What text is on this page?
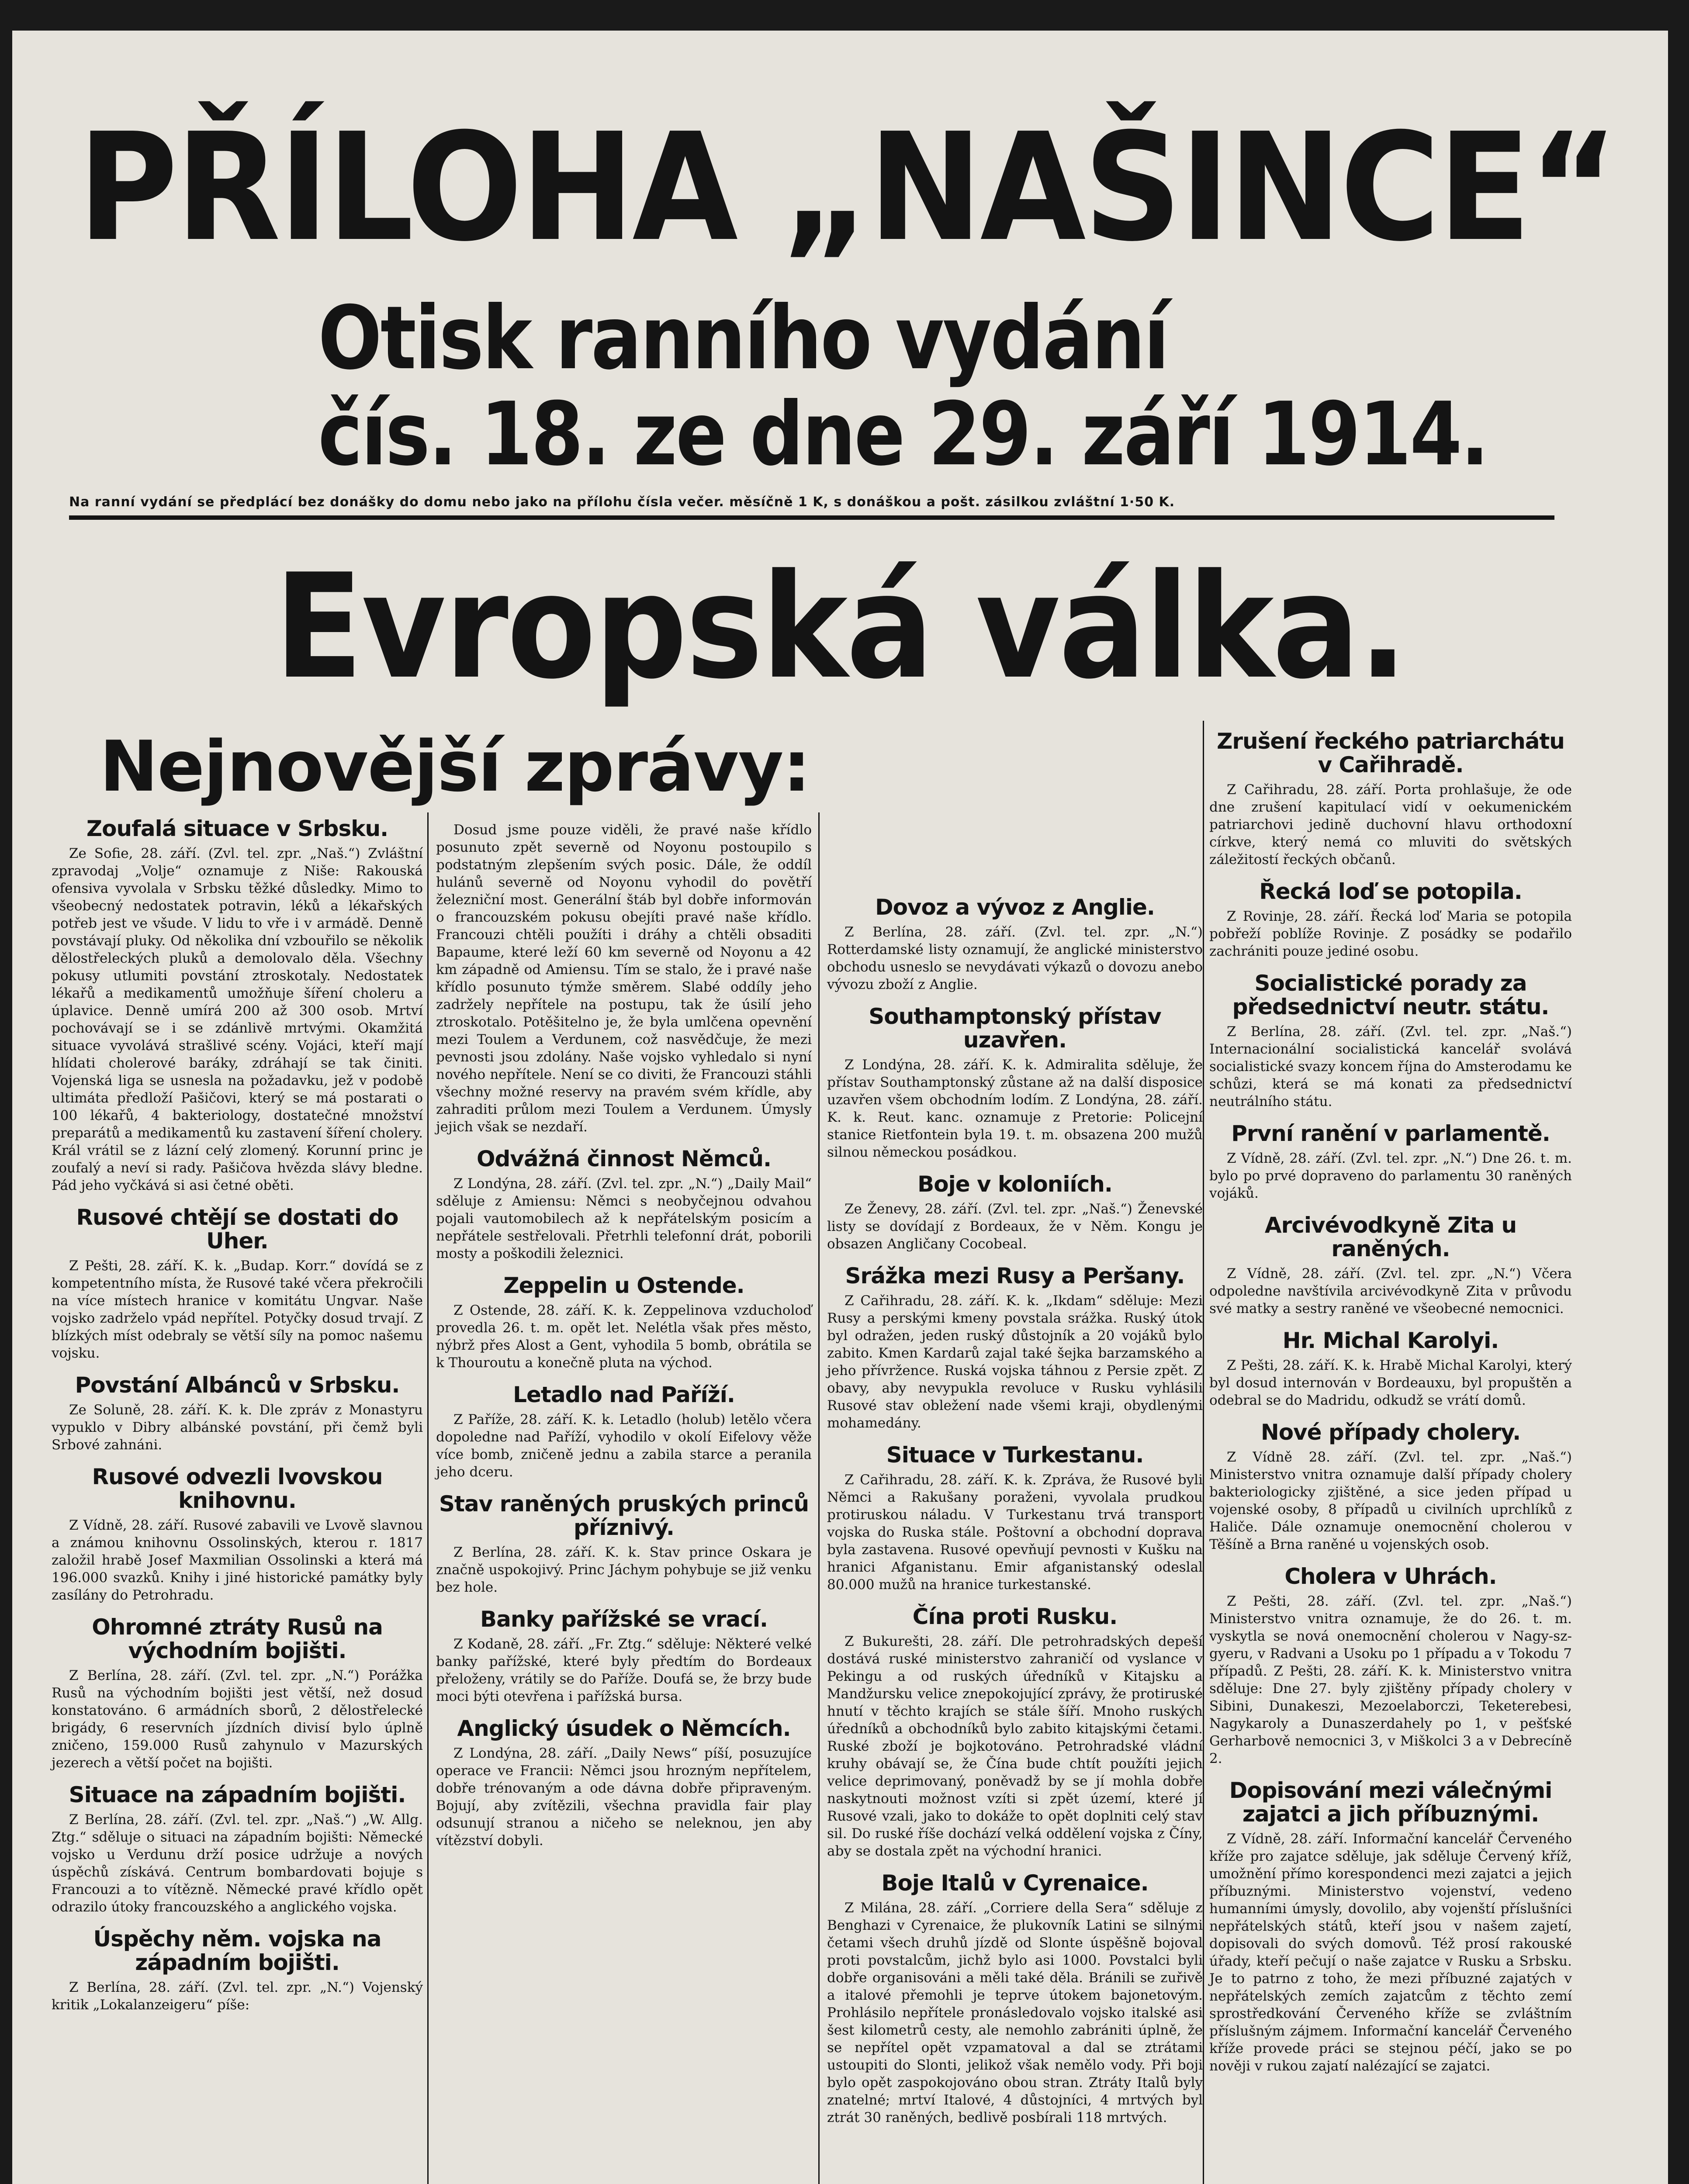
PŘÍLOHA „NAŠINCE“
Otisk ranního vydání
čís. 18. ze dne 29. září 1914.
Na ranní vydání se předplácí bez donášky do domu nebo jako na přílohu čísla večer. měsíčně 1 K, s donáškou a pošt. zásilkou zvláštní 1·50 K.
Evropská válka.
Nejnovější zprávy:
Zoufalá situace v Srbsku.

Ze Sofie, 28. září. (Zvl. tel. zpr. „Naš.“) Zvláštní zpravodaj „Volje“ oznamuje z Niše: Rakouská ofensiva vyvolala v Srbsku těžké důsledky. Mimo to všeobecný nedostatek potravin, léků a lékařských potřeb jest ve všude. V lidu to vře i v armádě. Denně povstávají pluky. Od několika dní vzbouřilo se několik dělostřeleckých pluků a demolovalo děla. Všechny pokusy utlumiti povstání ztroskotaly. Nedostatek lékařů a medikamentů umožňuje šíření choleru a úplavice. Denně umírá 200 až 300 osob. Mrtví pochovávají se i se zdánlivě mrtvými. Okamžitá situace vyvolává strašlivé scény. Vojáci, kteří mají hlídati cholerové baráky, zdráhají se tak činiti. Vojenská liga se usnesla na požadavku, jež v podobě ultimáta předloží Pašičovi, který se má postarati o 100 lékařů, 4 bakteriology, dostatečné množství preparátů a medikamentů ku zastavení šíření cholery. Král vrátil se z lázní celý zlomený. Korunní princ je zoufalý a neví si rady. Pašičova hvězda slávy bledne. Pád jeho vyčkává si asi četné oběti.

Rusové chtějí se dostati do Uher.

Z Pešti, 28. září. K. k. „Budap. Korr.“ dovídá se z kompetentního místa, že Rusové také včera překročili na více místech hranice v komitátu Ungvar. Naše vojsko zadrželo vpád nepřítel. Potyčky dosud trvají. Z blízkých míst odebraly se větší síly na pomoc našemu vojsku.

Povstání Albánců v Srbsku.

Ze Soluně, 28. září. K. k. Dle zpráv z Monastyru vypuklo v Dibry albánské povstání, při čemž byli Srbové zahnáni.

Rusové odvezli lvovskou knihovnu.

Z Vídně, 28. září. Rusové zabavili ve Lvově slavnou a známou knihovnu Ossolinských, kterou r. 1817 založil hrabě Josef Maxmilian Ossolinski a která má 196.000 svazků. Knihy i jiné historické památky byly zasílány do Petrohradu.

Ohromné ztráty Rusů na východním bojišti.

Z Berlína, 28. září. (Zvl. tel. zpr. „N.“) Porážka Rusů na východním bojišti jest větší, než dosud konstatováno. 6 armádních sborů, 2 dělostřelecké brigády, 6 reservních jízdních divisí bylo úplně zničeno, 159.000 Rusů zahynulo v Mazurských jezerech a větší počet na bojišti.

Situace na západním bojišti.

Z Berlína, 28. září. (Zvl. tel. zpr. „Naš.“) „W. Allg. Ztg.“ sděluje o situaci na západním bojišti: Německé vojsko u Verdunu drží posice udržuje a nových úspěchů získává. Centrum bombardovati bojuje s Francouzi a to vítězně. Německé pravé křídlo opět odrazilo útoky francouzského a anglického vojska.

Úspěchy něm. vojska na západním bojišti.

Z Berlína, 28. září. (Zvl. tel. zpr. „N.“) Vojenský kritik „Lokalanzeigeru“ píše:

Dosud jsme pouze viděli, že pravé naše křídlo posunuto zpět severně od Noyonu postoupilo s podstatným zlepšením svých posic. Dále, že oddíl hulánů severně od Noyonu vyhodil do povětří železniční most. Generální štáb byl dobře informován o francouzském pokusu obejíti pravé naše křídlo. Francouzi chtěli použíti i dráhy a chtěli obsaditi Bapaume, které leží 60 km severně od Noyonu a 42 km západně od Amiensu. Tím se stalo, že i pravé naše křídlo posunuto týmže směrem. Slabé oddíly jeho zadržely nepřítele na postupu, tak že úsilí jeho ztroskotalo. Potěšitelno je, že byla umlčena opevnění mezi Toulem a Verdunem, což nasvědčuje, že mezi pevnosti jsou zdolány. Naše vojsko vyhledalo si nyní nového nepřítele. Není se co diviti, že Francouzi stáhli všechny možné reservy na pravém svém křídle, aby zahraditi průlom mezi Toulem a Verdunem. Úmysly jejich však se nezdaří.

Odvážná činnost Němců.

Z Londýna, 28. září. (Zvl. tel. zpr. „N.“) „Daily Mail“ sděluje z Amiensu: Němci s neobyčejnou odvahou pojali vautomobilech až k nepřátelským posicím a nepřátele sestřelovali. Přetrhli telefonní drát, poborili mosty a poškodili železnici.

Zeppelin u Ostende.

Z Ostende, 28. září. K. k. Zeppelinova vzducholoď provedla 26. t. m. opět let. Nelétla však přes město, nýbrž přes Alost a Gent, vyhodila 5 bomb, obrátila se k Thouroutu a konečně pluta na východ.

Letadlo nad Paříží.

Z Paříže, 28. září. K. k. Letadlo (holub) letělo včera dopoledne nad Paříží, vyhodilo v okolí Eifelovy věže více bomb, zničeně jednu a zabila starce a peranila jeho dceru.

Stav raněných pruských princů příznivý.

Z Berlína, 28. září. K. k. Stav prince Oskara je značně uspokojivý. Princ Jáchym pohybuje se již venku bez hole.

Banky pařížské se vrací.

Z Kodaně, 28. září. „Fr. Ztg.“ sděluje: Některé velké banky pařížské, které byly předtím do Bordeaux přeloženy, vrátily se do Paříže. Doufá se, že brzy bude moci býti otevřena i pařížská bursa.

Anglický úsudek o Němcích.

Z Londýna, 28. září. „Daily News“ píší, posuzujíce operace ve Francii: Němci jsou hrozným nepřítelem, dobře trénovaným a ode dávna dobře připraveným. Bojují, aby zvítězili, všechna pravidla fair play odsunují stranou a ničeho se neleknou, jen aby vítězství dobyli.

Dovoz a vývoz z Anglie.

Z Berlína, 28. září. (Zvl. tel. zpr. „N.“) Rotterdamské listy oznamují, že anglické ministerstvo obchodu usneslo se nevydávati výkazů o dovozu anebo vývozu zboží z Anglie.

Southamptonský přístav uzavřen.

Z Londýna, 28. září. K. k. Admiralita sděluje, že přístav Southamptonský zůstane až na další disposice uzavřen všem obchodním lodím. Z Londýna, 28. září. K. k. Reut. kanc. oznamuje z Pretorie: Policejní stanice Rietfontein byla 19. t. m. obsazena 200 mužů silnou německou posádkou.

Boje v koloniích.

Ze Ženevy, 28. září. (Zvl. tel. zpr. „Naš.“) Ženevské listy se dovídají z Bordeaux, že v Něm. Kongu je obsazen Angličany Cocobeal.

Srážka mezi Rusy a Peršany.

Z Cařihradu, 28. září. K. k. „Ikdam“ sděluje: Mezi Rusy a perskými kmeny povstala srážka. Ruský útok byl odražen, jeden ruský důstojník a 20 vojáků bylo zabito. Kmen Kardarů zajal také šejka barzamského a jeho přívržence. Ruská vojska táhnou z Persie zpět. Z obavy, aby nevypukla revoluce v Rusku vyhlásili Rusové stav obležení nade všemi kraji, obydlenými mohamedány.

Situace v Turkestanu.

Z Cařihradu, 28. září. K. k. Zpráva, že Rusové byli Němci a Rakušany poraženi, vyvolala prudkou protiruskou náladu. V Turkestanu trvá transport vojska do Ruska stále. Poštovní a obchodní doprava byla zastavena. Rusové opevňují pevnosti v Kušku na hranici Afganistanu. Emir afganistanský odeslal 80.000 mužů na hranice turkestanské.

Čína proti Rusku.

Z Bukurešti, 28. září. Dle petrohradských depeší dostává ruské ministerstvo zahraničí od vyslance v Pekingu a od ruských úředníků v Kitajsku a Mandžursku velice znepokojující zprávy, že protiruské hnutí v těchto krajích se stále šíří. Mnoho ruských úředníků a obchodníků bylo zabito kitajskými četami. Ruské zboží je bojkotováno. Petrohradské vládní kruhy obávají se, že Čína bude chtít použíti jejich velice deprimovaný, poněvadž by se jí mohla dobře naskytnouti možnost vzíti si zpět území, které jí Rusové vzali, jako to dokáže to opět doplniti celý stav sil. Do ruské říše dochází velká oddělení vojska z Číny, aby se dostala zpět na východní hranici.

Boje Italů v Cyrenaice.

Z Milána, 28. září. „Corriere della Sera“ sděluje z Benghazi v Cyrenaice, že plukovník Latini se silnými četami všech druhů jízdě od Slonte úspěšně bojoval proti povstalcům, jichž bylo asi 1000. Povstalci byli dobře organisováni a měli také děla. Bránili se zuřivě a italové přemohli je teprve útokem bajonetovým. Prohlásilo nepřítele pronásledovalo vojsko italské asi šest kilometrů cesty, ale nemohlo zabrániti úplně, že se nepřítel opět vzpamatoval a dal se ztrátami ustoupiti do Slonti, jelikož však nemělo vody. Při boji bylo opět zaspokojováno obou stran. Ztráty Italů byly znatelné; mrtví Italové, 4 důstojníci, 4 mrtvých byl ztrát 30 raněných, bedlivě posbírali 118 mrtvých.

Zrušení řeckého patriarchátu v Cařihradě.

Z Cařihradu, 28. září. Porta prohlašuje, že ode dne zrušení kapitulací vidí v oekumenickém patriarchovi jedině duchovní hlavu orthodoxní církve, který nemá co mluviti do světských záležitostí řeckých občanů.

Řecká loď se potopila.

Z Rovinje, 28. září. Řecká loď Maria se potopila pobřeží poblíže Rovinje. Z posádky se podařilo zachrániti pouze jediné osobu.

Socialistické porady za předsednictví neutr. státu.

Z Berlína, 28. září. (Zvl. tel. zpr. „Naš.“) Internacionální socialistická kancelář svolává socialistické svazy koncem října do Amsterodamu ke schůzi, která se má konati za předsednictví neutrálního státu.

První ranění v parlamentě.

Z Vídně, 28. září. (Zvl. tel. zpr. „N.“) Dne 26. t. m. bylo po prvé dopraveno do parlamentu 30 raněných vojáků.

Arcivévodkyně Zita u raněných.

Z Vídně, 28. září. (Zvl. tel. zpr. „N.“) Včera odpoledne navštívila arcivévodkyně Zita v průvodu své matky a sestry raněné ve všeobecné nemocnici.

Hr. Michal Karolyi.

Z Pešti, 28. září. K. k. Hrabě Michal Karolyi, který byl dosud internován v Bordeauxu, byl propuštěn a odebral se do Madridu, odkudž se vrátí domů.

Nové případy cholery.

Z Vídně 28. září. (Zvl. tel. zpr. „Naš.“) Ministerstvo vnitra oznamuje další případy cholery bakteriologicky zjištěné, a sice jeden případ u vojenské osoby, 8 případů u civilních uprchlíků z Haliče. Dále oznamuje onemocnění cholerou v Těšíně a Brna raněné u vojenských osob.

Cholera v Uhrách.

Z Pešti, 28. září. (Zvl. tel. zpr. „Naš.“) Ministerstvo vnitra oznamuje, že do 26. t. m. vyskytla se nová onemocnění cholerou v Nagy-sz-gyeru, v Radvani a Usoku po 1 případu a v Tokodu 7 případů. Z Pešti, 28. září. K. k. Ministerstvo vnitra sděluje: Dne 27. byly zjištěny případy cholery v Sibini, Dunakeszi, Mezoelaborczi, Teketerebesi, Nagykaroly a Dunaszerdahely po 1, v pešťské Gerharbově nemocnici 3, v Miškolci 3 a v Debrecíně 2.

Dopisování mezi válečnými zajatci a jich příbuznými.

Z Vídně, 28. září. Informační kancelář Červeného kříže pro zajatce sděluje, jak sděluje Červený kříž, umožnění přímo korespondenci mezi zajatci a jejich příbuznými. Ministerstvo vojenství, vedeno humanními úmysly, dovolilo, aby vojenští příslušníci nepřátelských států, kteří jsou v našem zajetí, dopisovali do svých domovů. Též prosí rakouské úřady, kteří pečují o naše zajatce v Rusku a Srbsku. Je to patrno z toho, že mezi příbuzné zajatých v nepřátelských zemích zajatcům z těchto zemí sprostředkování Červeného kříže se zvláštním příslušným zájmem. Informační kancelář Červeného kříže provede práci se stejnou péčí, jako se po nověji v rukou zajatí nalézající se zajatci.
